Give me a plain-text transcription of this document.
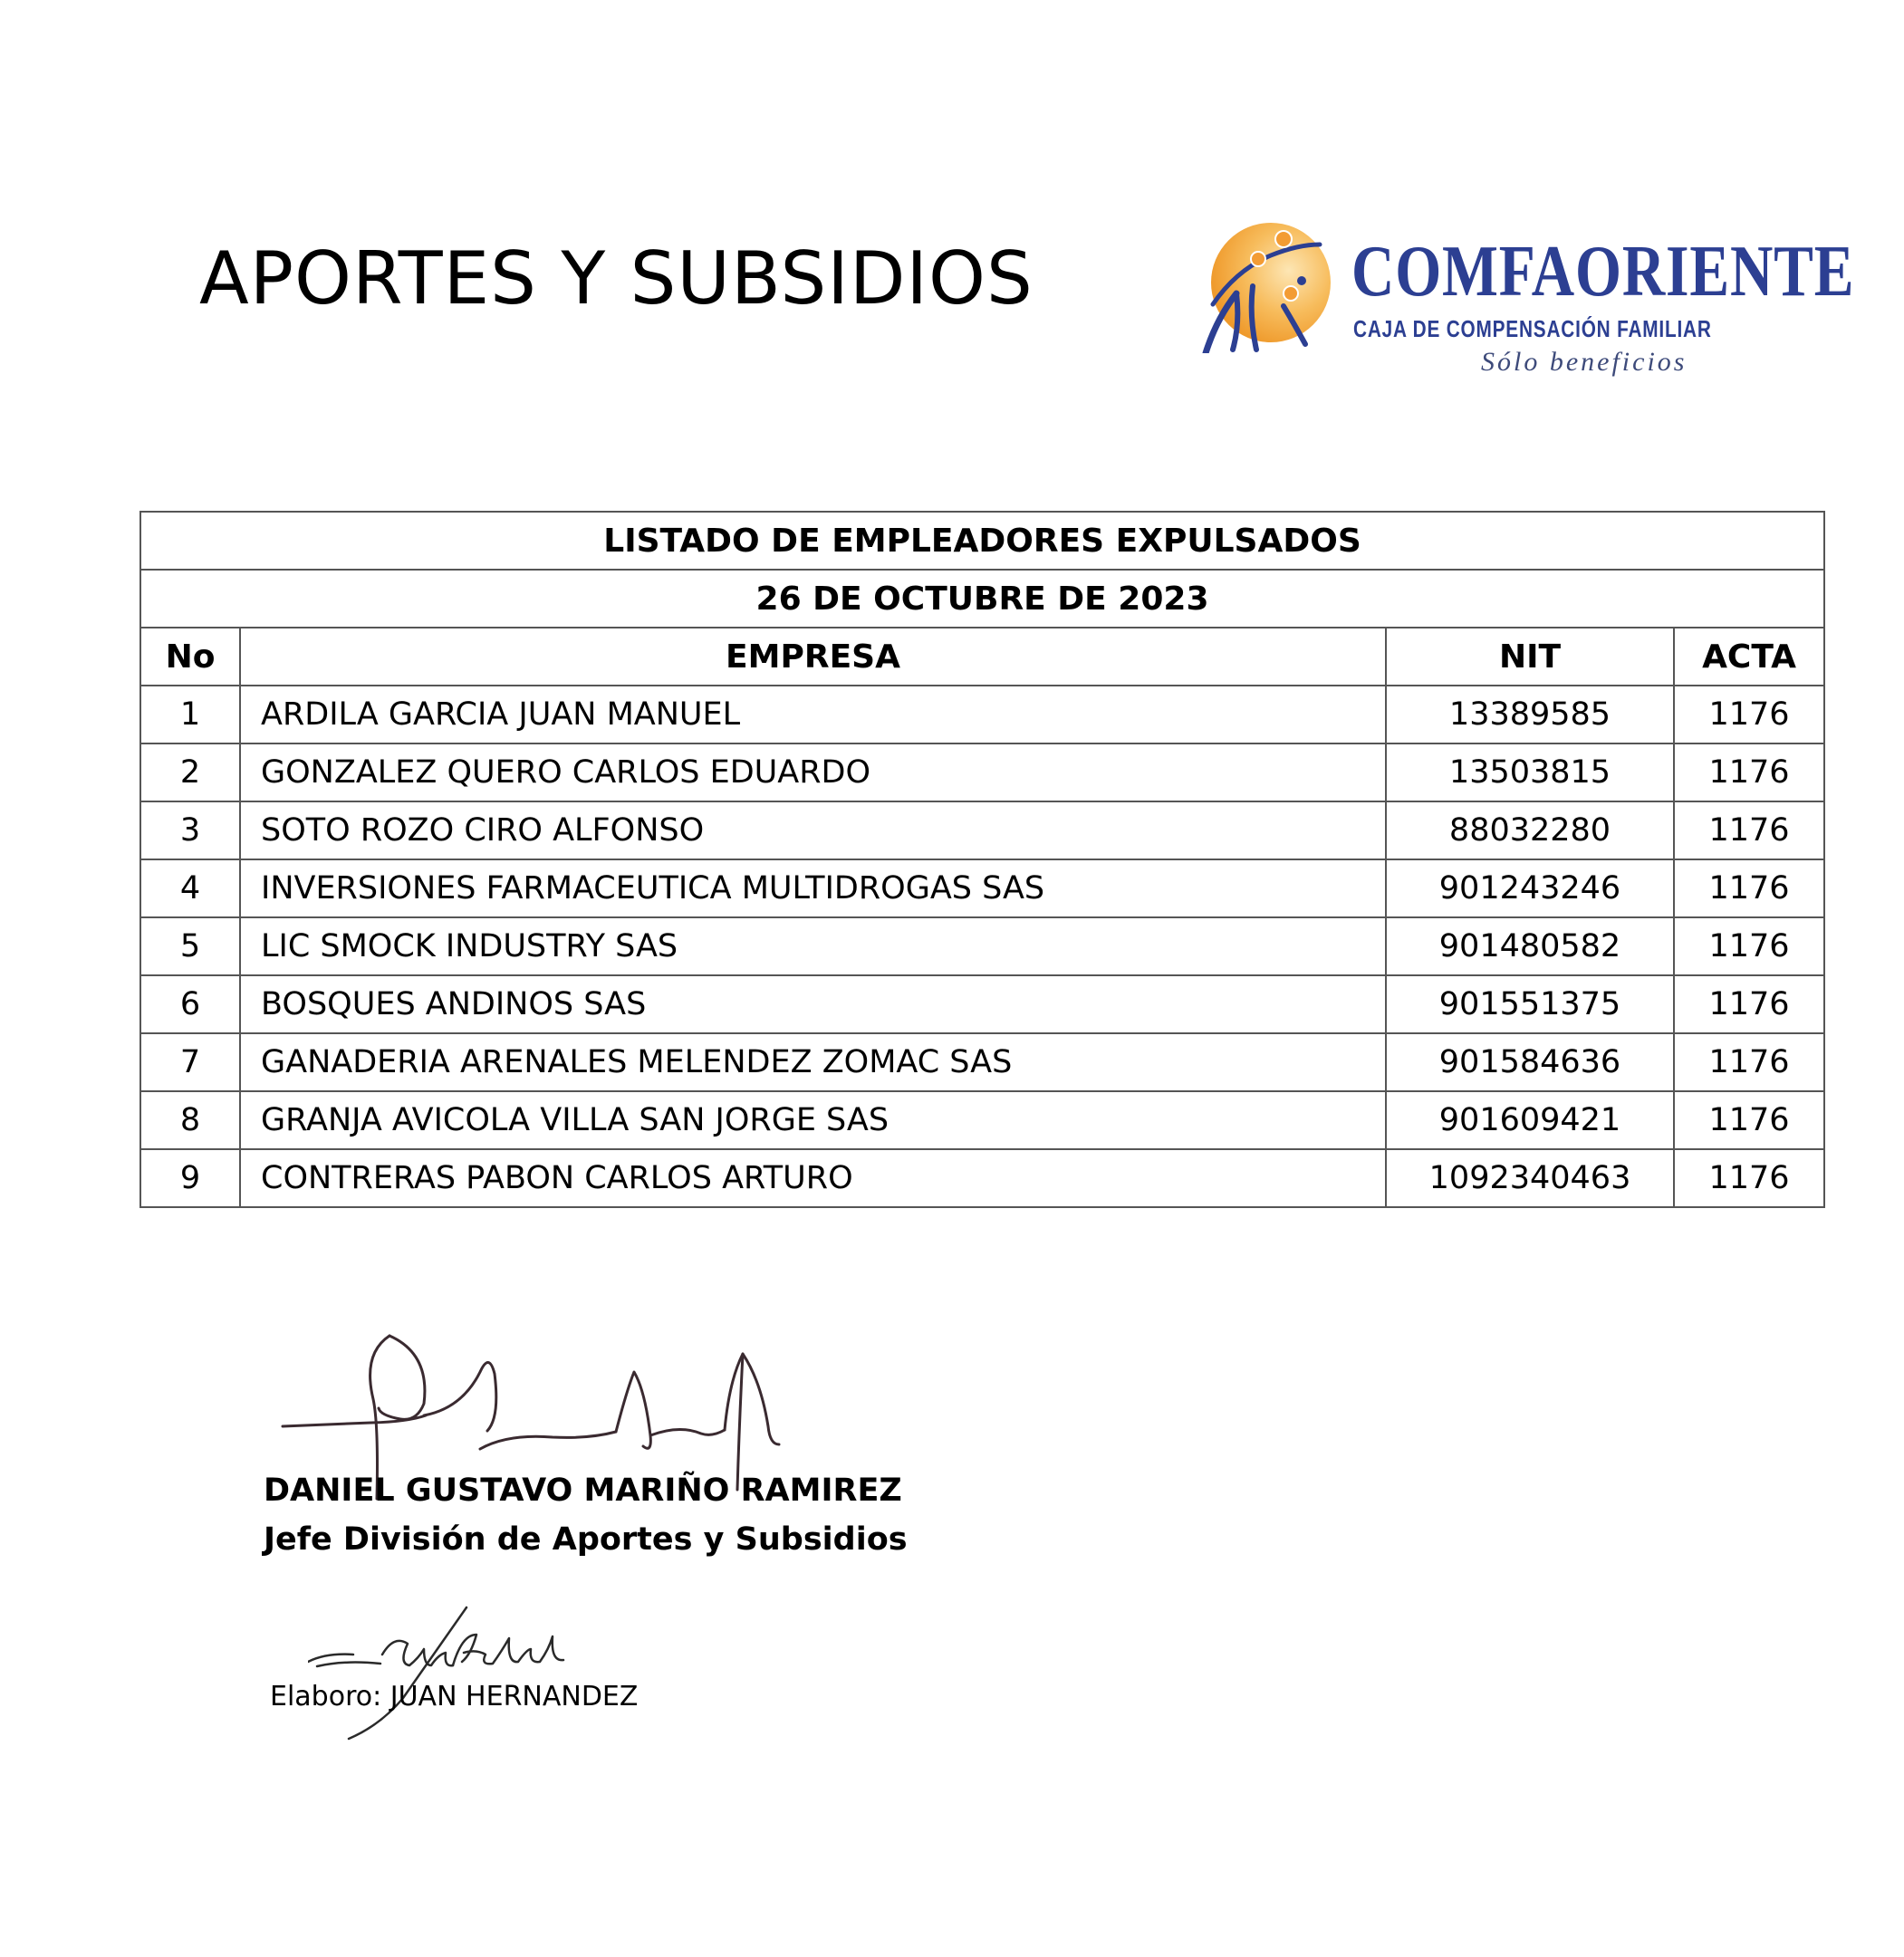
APORTES Y SUBSIDIOS	COMFAORIENTE
CAJA DE COMPENSACIÓN FAMILIAR
Sólo beneficios
LISTADO DE EMPLEADORES EXPULSADOS			
26 DE OCTUBRE DE 2023			
No	EMPRESA	NIT	ACTA
1	ARDILA GARCIA JUAN MANUEL	13389585	1176
2	GONZALEZ QUERO CARLOS EDUARDO	13503815	1176
3	SOTO ROZO CIRO ALFONSO	88032280	1176
4	INVERSIONES FARMACEUTICA MULTIDROGAS SAS	901243246	1176
5	LIC SMOCK INDUSTRY SAS	901480582	1176
6	BOSQUES ANDINOS SAS	901551375	1176
7	GANADERIA ARENALES MELENDEZ ZOMAC SAS	901584636	1176
8	GRANJA AVICOLA VILLA SAN JORGE SAS	901609421	1176
9	CONTRERAS PABON CARLOS ARTURO	1092340463	1176
DANIEL GUSTAVO MARIÑO RAMIREZ
Jefe División de Aportes y Subsidios
Juan Gabriel.
Elaboro: JUAN HERNANDEZ
